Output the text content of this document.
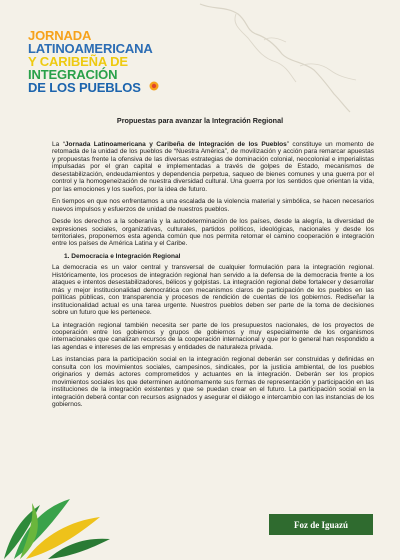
JORNADA
LATINOAMERICANA
Y CARIBEÑA DE
INTEGRACIÓN
DE LOS PUEBLOS
Propuestas para avanzar la Integración Regional

La “Jornada Latinoamericana y Caribeña de Integración de los Pueblos” constituye un momento de retomada de la unidad de los pueblos de “Nuestra América”, de movilización y acción para remarcar apuestas y propuestas frente la ofensiva de las diversas estrategias de dominación colonial, neocolonial e imperialistas impulsadas por el gran capital e implementadas a través de golpes de Estado, mecanismos de desestabilización, endeudamientos y dependencia perpetua, saqueo de bienes comunes y una guerra por el control y la homogeneización de nuestra diversidad cultural. Una guerra por los sentidos que orientan la vida, por las emociones y los sueños, por la idea de futuro.

En tiempos en que nos enfrentamos a una escalada de la violencia material y simbólica, se hacen necesarios nuevos impulsos y esfuerzos de unidad de nuestros pueblos.

Desde los derechos a la soberanía y la autodeterminación de los países, desde la alegría, la diversidad de expresiones sociales, organizativas, culturales, partidos políticos, ideológicas, nacionales y desde los territoriales, proponemos esta agenda común que nos permita retomar el camino cooperación e integración entre los países de América Latina y el Caribe.

1. Democracia e Integración Regional

La democracia es un valor central y transversal de cualquier formulación para la integración regional. Históricamente, los procesos de integración regional han servido a la defensa de la democracia frente a los ataques e intentos desestabilizadores, bélicos y golpistas. La integración regional debe fortalecer y desarrollar más y mejor institucionalidad democrática con mecanismos claros de participación de los pueblos en las políticas públicas, con transparencia y procesos de rendición de cuentas de los gobiernos. Rediseñar la institucionalidad actual es una tarea urgente. Nuestros pueblos deben ser parte de la toma de decisiones sobre un futuro que les pertenece.

La integración regional también necesita ser parte de los presupuestos nacionales, de los proyectos de cooperación entre los gobiernos y grupos de gobiernos y muy especialmente de los organismos internacionales que canalizan recursos de la cooperación internacional y que por lo general han respondido a las agendas e intereses de las empresas y entidades de naturaleza privada.

Las instancias para la participación social en la integración regional deberán ser construidas y definidas en consulta con los movimientos sociales, campesinos, sindicales, por la justicia ambiental, de los pueblos originarios y demás actores comprometidos y actuantes en la integración. Deberán ser los propios movimientos sociales los que determinen autónomamente sus formas de representación y participación en las instituciones de la integración existentes y que se puedan crear en el futuro. La participación social en la integración deberá contar con recursos asignados y asegurar el diálogo e intercambio con las instancias de los gobiernos.

Foz de Iguazú
